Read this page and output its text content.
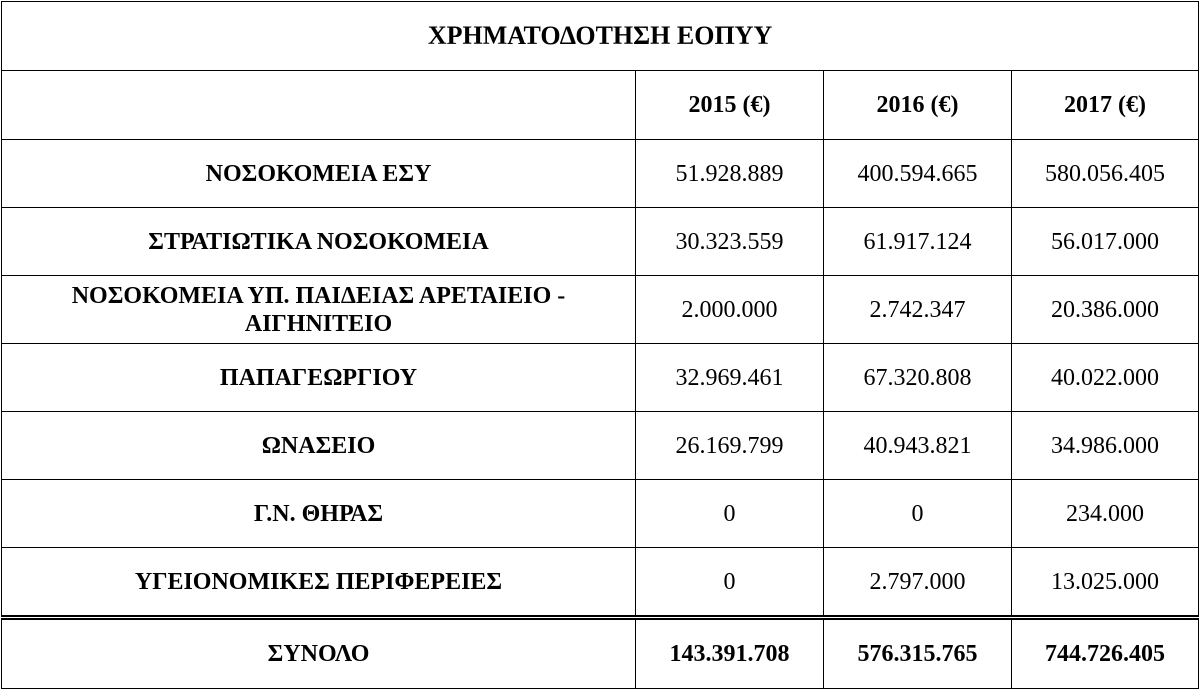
ΧΡΗΜΑΤΟΔΟΤΗΣΗ ΕΟΠΥΥ			
	2015 (€)	2016 (€)	2017 (€)
ΝΟΣΟΚΟΜΕΙΑ ΕΣΥ	51.928.889	400.594.665	580.056.405
ΣΤΡΑΤΙΩΤΙΚΑ ΝΟΣΟΚΟΜΕΙΑ	30.323.559	61.917.124	56.017.000
ΝΟΣΟΚΟΜΕΙΑ ΥΠ. ΠΑΙΔΕΙΑΣ ΑΡΕΤΑΙΕΙΟ - ΑΙΓΗΝΙΤΕΙΟ	2.000.000	2.742.347	20.386.000
ΠΑΠΑΓΕΩΡΓΙΟΥ	32.969.461	67.320.808	40.022.000
ΩΝΑΣΕΙΟ	26.169.799	40.943.821	34.986.000
Γ.Ν. ΘΗΡΑΣ	0	0	234.000
ΥΓΕΙΟΝΟΜΙΚΕΣ ΠΕΡΙΦΕΡΕΙΕΣ	0	2.797.000	13.025.000
ΣΥΝΟΛΟ	143.391.708	576.315.765	744.726.405
